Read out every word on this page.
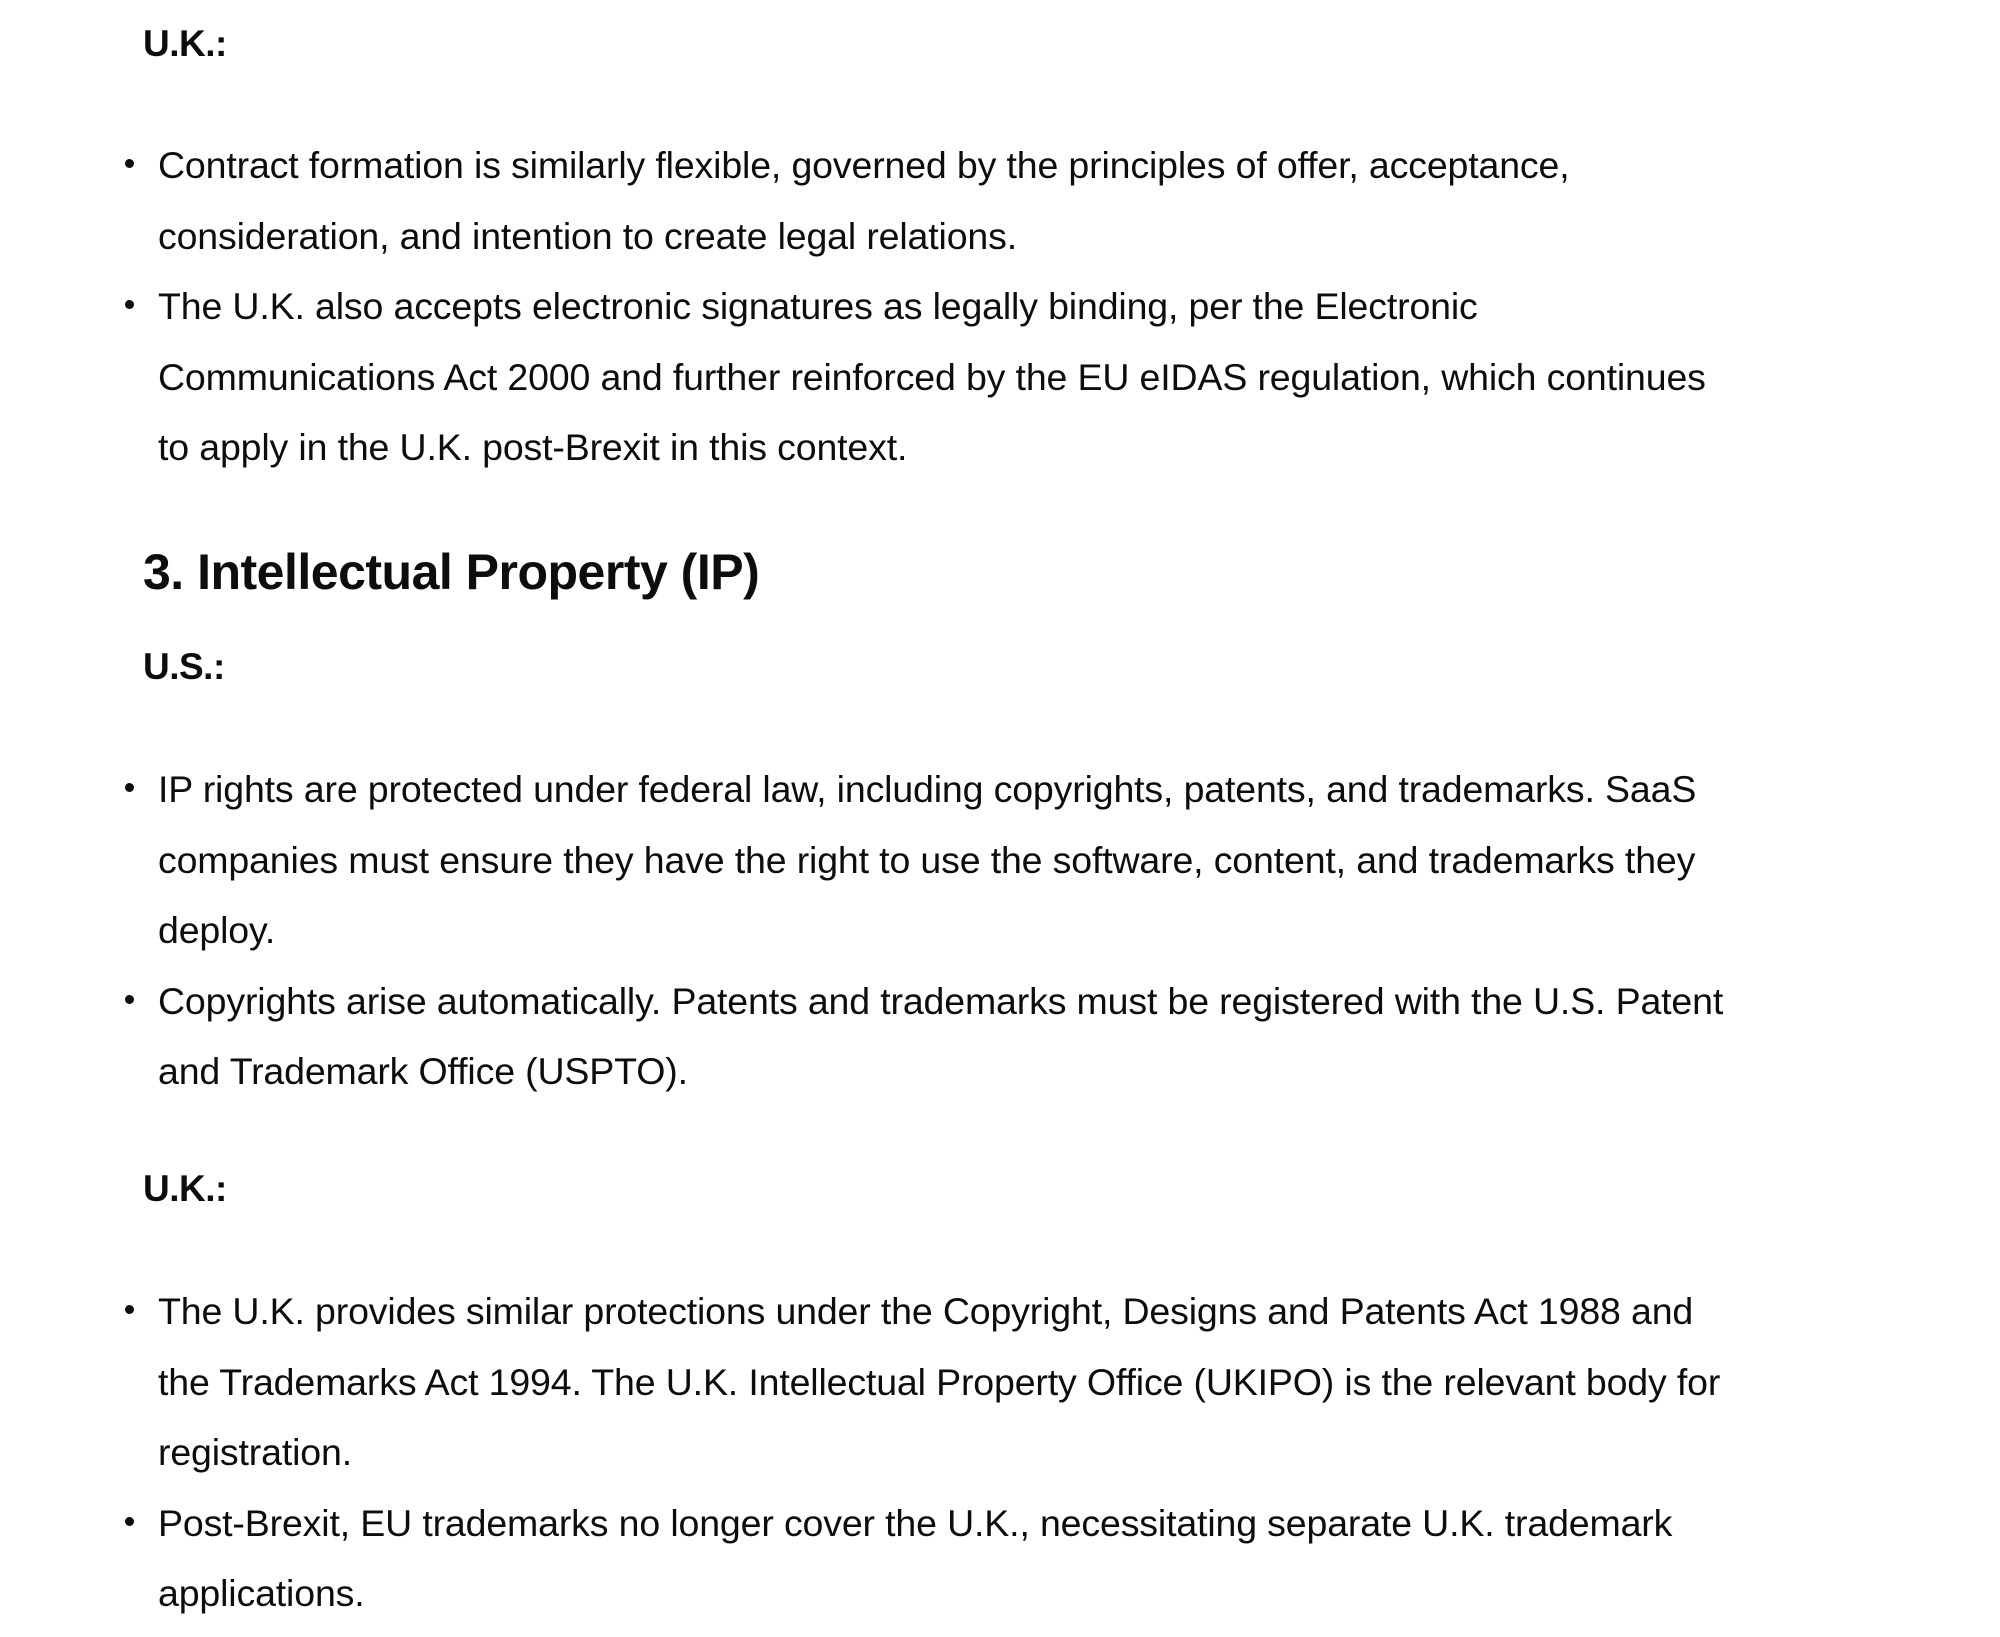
U.K.:
Contract formation is similarly flexible, governed by the principles of offer, acceptance, consideration, and intention to create legal relations.
The U.K. also accepts electronic signatures as legally binding, per the Electronic Communications Act 2000 and further reinforced by the EU eIDAS regulation, which continues to apply in the U.K. post-Brexit in this context.
3. Intellectual Property (IP)
U.S.:
IP rights are protected under federal law, including copyrights, patents, and trademarks. SaaS companies must ensure they have the right to use the software, content, and trademarks they deploy.
Copyrights arise automatically. Patents and trademarks must be registered with the U.S. Patent and Trademark Office (USPTO).
U.K.:
The U.K. provides similar protections under the Copyright, Designs and Patents Act 1988 and the Trademarks Act 1994. The U.K. Intellectual Property Office (UKIPO) is the relevant body for registration.
Post-Brexit, EU trademarks no longer cover the U.K., necessitating separate U.K. trademark applications.
